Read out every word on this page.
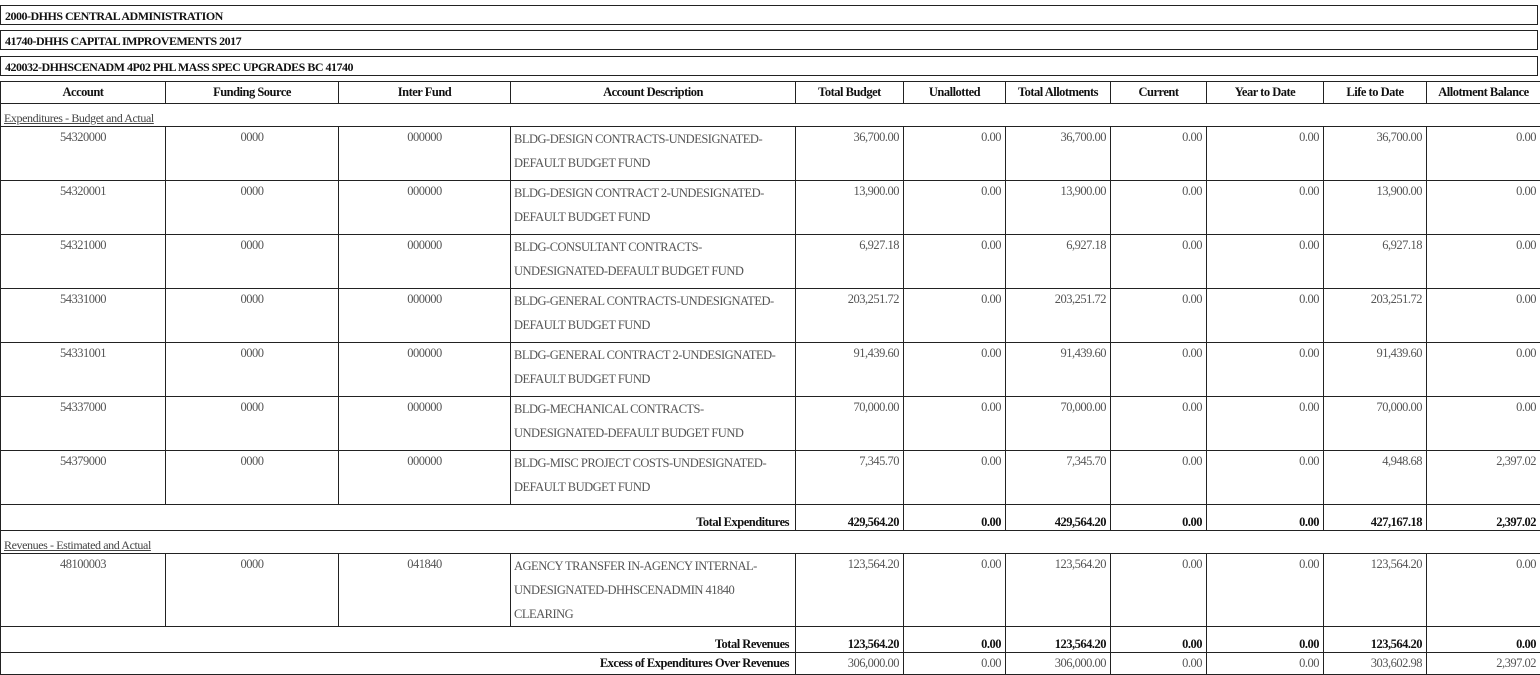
2000-DHHS CENTRAL ADMINISTRATION
41740-DHHS CAPITAL IMPROVEMENTS 2017
420032-DHHSCENADM 4P02 PHL MASS SPEC UPGRADES BC 41740
Account	Funding Source	Inter Fund	Account Description	Total Budget	Unallotted	Total Allotments	Current	Year to Date	Life to Date	Allotment Balance
Expenditures - Budget and Actual										
54320000	0000	000000	BLDG-DESIGN CONTRACTS-UNDESIGNATED-DEFAULT BUDGET FUND	36,700.00	0.00	36,700.00	0.00	0.00	36,700.00	0.00
54320001	0000	000000	BLDG-DESIGN CONTRACT 2-UNDESIGNATED-DEFAULT BUDGET FUND	13,900.00	0.00	13,900.00	0.00	0.00	13,900.00	0.00
54321000	0000	000000	BLDG-CONSULTANT CONTRACTS-UNDESIGNATED-DEFAULT BUDGET FUND	6,927.18	0.00	6,927.18	0.00	0.00	6,927.18	0.00
54331000	0000	000000	BLDG-GENERAL CONTRACTS-UNDESIGNATED-DEFAULT BUDGET FUND	203,251.72	0.00	203,251.72	0.00	0.00	203,251.72	0.00
54331001	0000	000000	BLDG-GENERAL CONTRACT 2-UNDESIGNATED-DEFAULT BUDGET FUND	91,439.60	0.00	91,439.60	0.00	0.00	91,439.60	0.00
54337000	0000	000000	BLDG-MECHANICAL CONTRACTS-UNDESIGNATED-DEFAULT BUDGET FUND	70,000.00	0.00	70,000.00	0.00	0.00	70,000.00	0.00
54379000	0000	000000	BLDG-MISC PROJECT COSTS-UNDESIGNATED-DEFAULT BUDGET FUND	7,345.70	0.00	7,345.70	0.00	0.00	4,948.68	2,397.02
Total Expenditures				429,564.20	0.00	429,564.20	0.00	0.00	427,167.18	2,397.02
Revenues - Estimated and Actual										
48100003	0000	041840	AGENCY TRANSFER IN-AGENCY INTERNAL-UNDESIGNATED-DHHSCENADMIN 41840 CLEARING	123,564.20	0.00	123,564.20	0.00	0.00	123,564.20	0.00
Total Revenues				123,564.20	0.00	123,564.20	0.00	0.00	123,564.20	0.00
Excess of Expenditures Over Revenues				306,000.00	0.00	306,000.00	0.00	0.00	303,602.98	2,397.02
